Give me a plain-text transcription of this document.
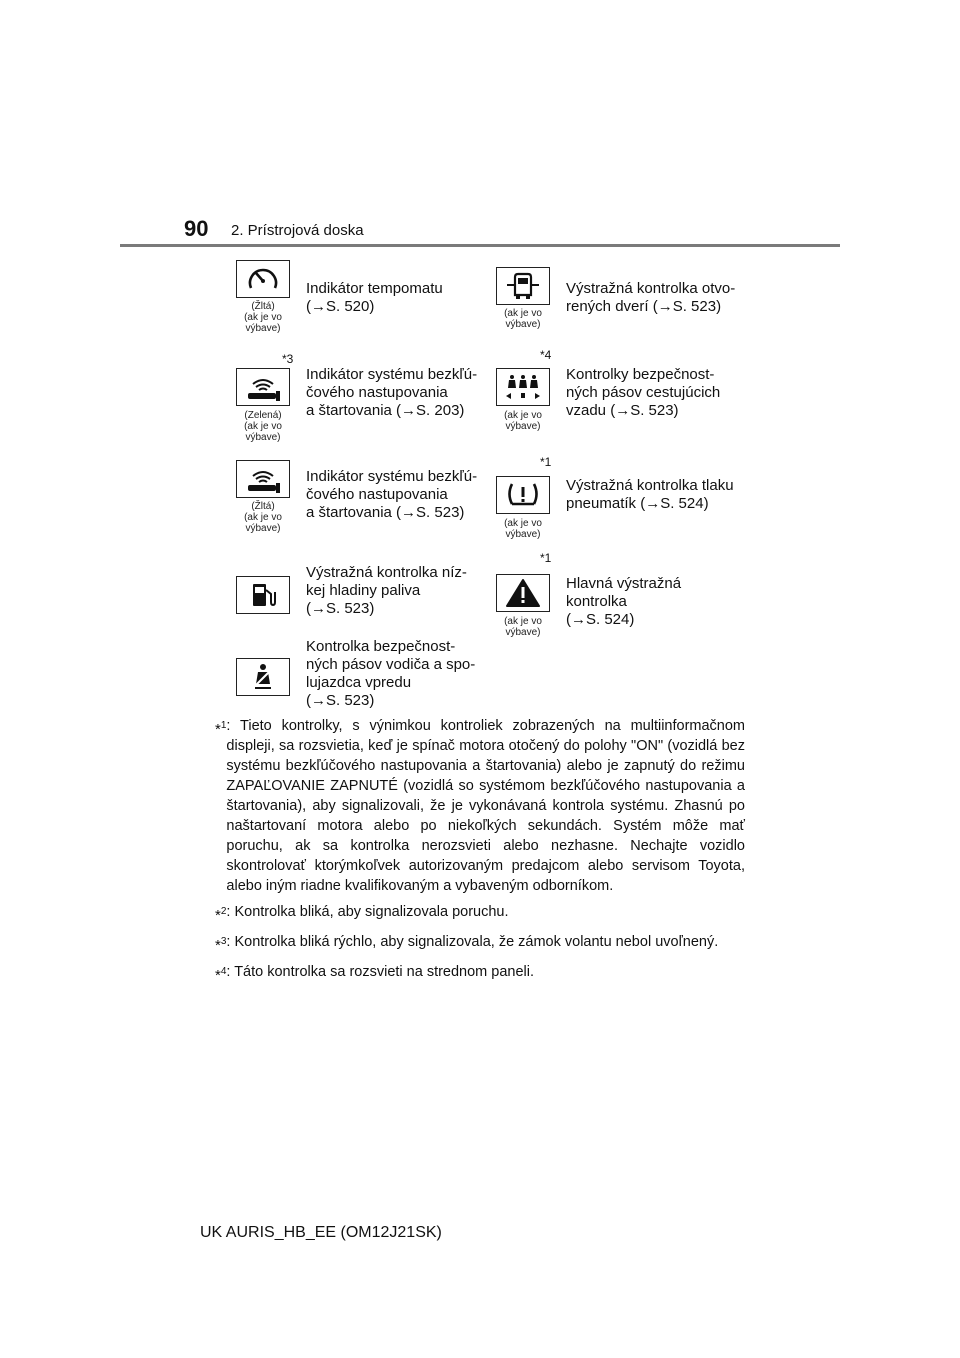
90 2. Prístrojová doska
(Žltá)
(ak je vo
výbave)
Indikátor tempomatu
(→S. 520)
*3
(Zelená)
(ak je vo
výbave)
Indikátor systému bezkľú-
čového nastupovania
a štartovania (→S. 203)
(Žltá)
(ak je vo
výbave)
Indikátor systému bezkľú-
čového nastupovania
a štartovania (→S. 523)
Výstražná kontrolka níz-
kej hladiny paliva
(→S. 523)
Kontrolka bezpečnost-
ných pásov vodiča a spo-
lujazdca vpredu
(→S. 523)
(ak je vo
výbave)
Výstražná kontrolka otvo-
rených dverí (→S. 523)
*4
(ak je vo
výbave)
Kontrolky bezpečnost-
ných pásov cestujúcich
vzadu (→S. 523)
*1
(ak je vo
výbave)
Výstražná kontrolka tlaku
pneumatík (→S. 524)
*1
(ak je vo
výbave)
Hlavná výstražná kontrolka
(→S. 524)
*$^1$ : Tieto kontrolky, s výnimkou kontroliek zobrazených na multiinformačnom displeji, sa rozsvietia, keď je spínač motora otočený do polohy "ON" (vozidlá bez systému bezkľúčového nastupovania a štartovania) alebo je zapnutý do režimu ZAPAĽOVANIE ZAPNUTÉ (vozidlá so systémom bezkľúčového nastupovania a štartovania), aby signalizovali, že je vykonávaná kontrola systému. Zhasnú po naštartovaní motora alebo po niekoľkých sekundách. Systém môže mať poruchu, ak sa kontrolka nerozsvieti alebo nezhasne. Nechajte vozidlo skontrolovať ktorýmkoľvek autorizovaným predajcom alebo servisom Toyota, alebo iným riadne kvalifikovaným a vybaveným odborníkom.
*$^2$ : Kontrolka bliká, aby signalizovala poruchu.
*$^3$ : Kontrolka bliká rýchlo, aby signalizovala, že zámok volantu nebol uvoľnený.
*$^4$ : Táto kontrolka sa rozsvieti na strednom paneli.
UK AURIS_HB_EE (OM12J21SK)
